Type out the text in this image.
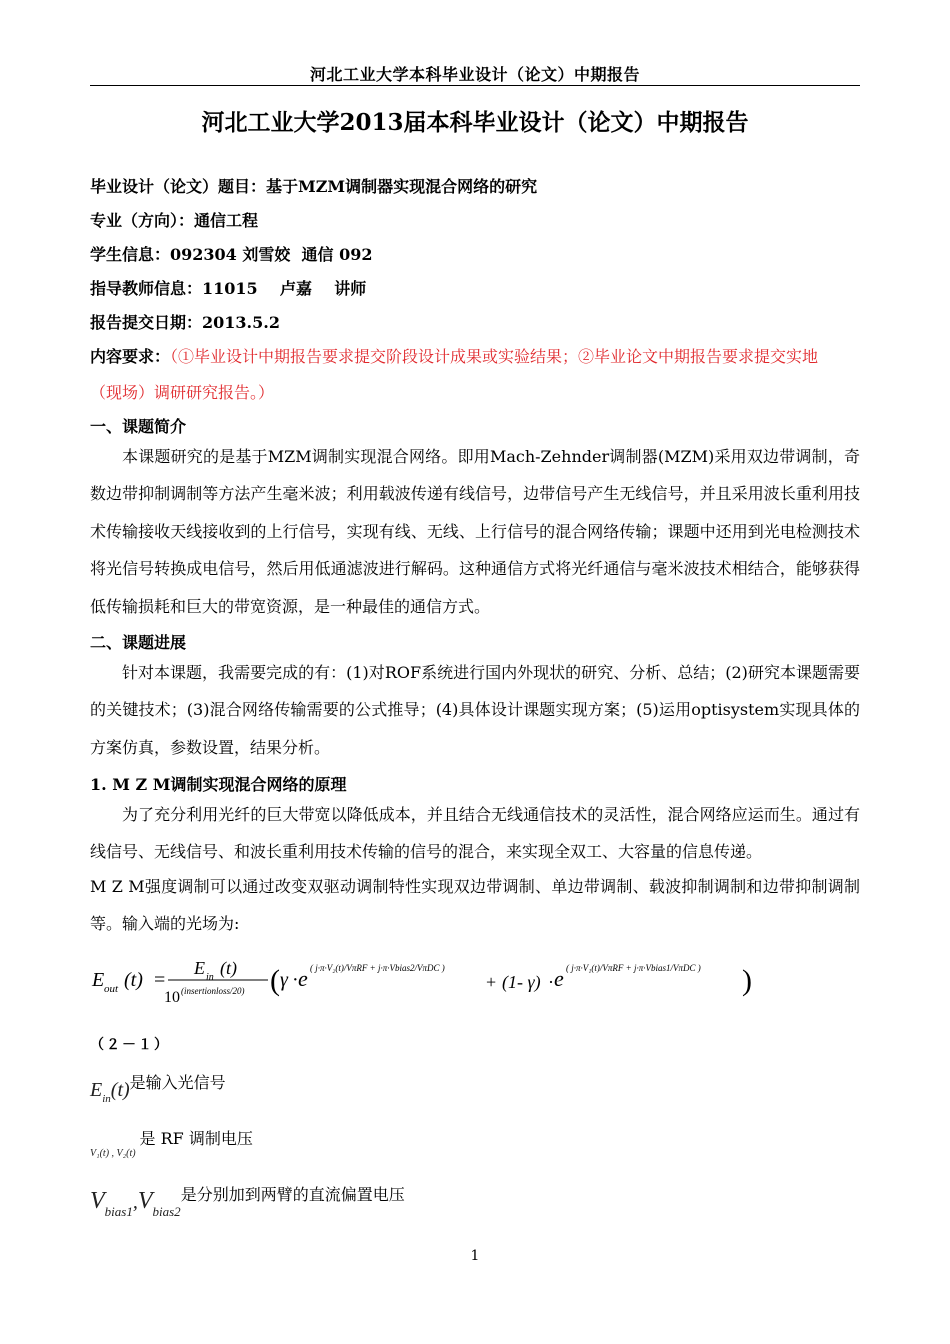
河北工业大学本科毕业设计（论文）中期报告
河北工业大学2013届本科毕业设计（论文）中期报告
毕业设计（论文）题目：基于MZM调制器实现混合网络的研究
专业（方向）：通信工程
学生信息：092304 刘雪姣  通信 092
指导教师信息：11015    卢嘉    讲师
报告提交日期：2013.5.2
内容要求：（①毕业设计中期报告要求提交阶段设计成果或实验结果；②毕业论文中期报告要求提交实地
（现场）调研研究报告。）
一、课题简介
本课题研究的是基于MZM调制实现混合网络。即用Mach-Zehnder调制器(MZM)采用双边带调制，奇数边带抑制调制等方法产生毫米波；利用载波传递有线信号，边带信号产生无线信号，并且采用波长重利用技术传输接收天线接收到的上行信号，实现有线、无线、上行信号的混合网络传输；课题中还用到光电检测技术将光信号转换成电信号，然后用低通滤波进行解码。这种通信方式将光纤通信与毫米波技术相结合，能够获得低传输损耗和巨大的带宽资源，是一种最佳的通信方式。
二、课题进展
针对本课题，我需要完成的有：(1)对ROF系统进行国内外现状的研究、分析、总结；(2)研究本课题需要的关键技术；(3)混合网络传输需要的公式推导；(4)具体设计课题实现方案；(5)运用optisystem实现具体的方案仿真，参数设置，结果分析。
1. M Z M调制实现混合网络的原理
为了充分利用光纤的巨大带宽以降低成本，并且结合无线通信技术的灵活性，混合网络应运而生。通过有线信号、无线信号、和波长重利用技术传输的信号的混合，来实现全双工、大容量的信息传递。
M Z M强度调制可以通过改变双驱动调制特性实现双边带调制、单边带调制、载波抑制调制和边带抑制调制等。输入端的光场为:
E out (t) =
E in (t)
10 (insertionloss/20) ( γ · e ( j·π·V₂(t)/VπRF + j·π·Vbias2/VπDC )
+ (1- γ) · e ( j·π·V₁(t)/VπRF + j·π·Vbias1/VπDC ) )
（２－１）
$E_{in}(t)$是输入光信号
$_{V_1(t) , V_2(t)}$是 RF 调制电压
$V_{bias1},V_{bias2}$是分别加到两臂的直流偏置电压
1
